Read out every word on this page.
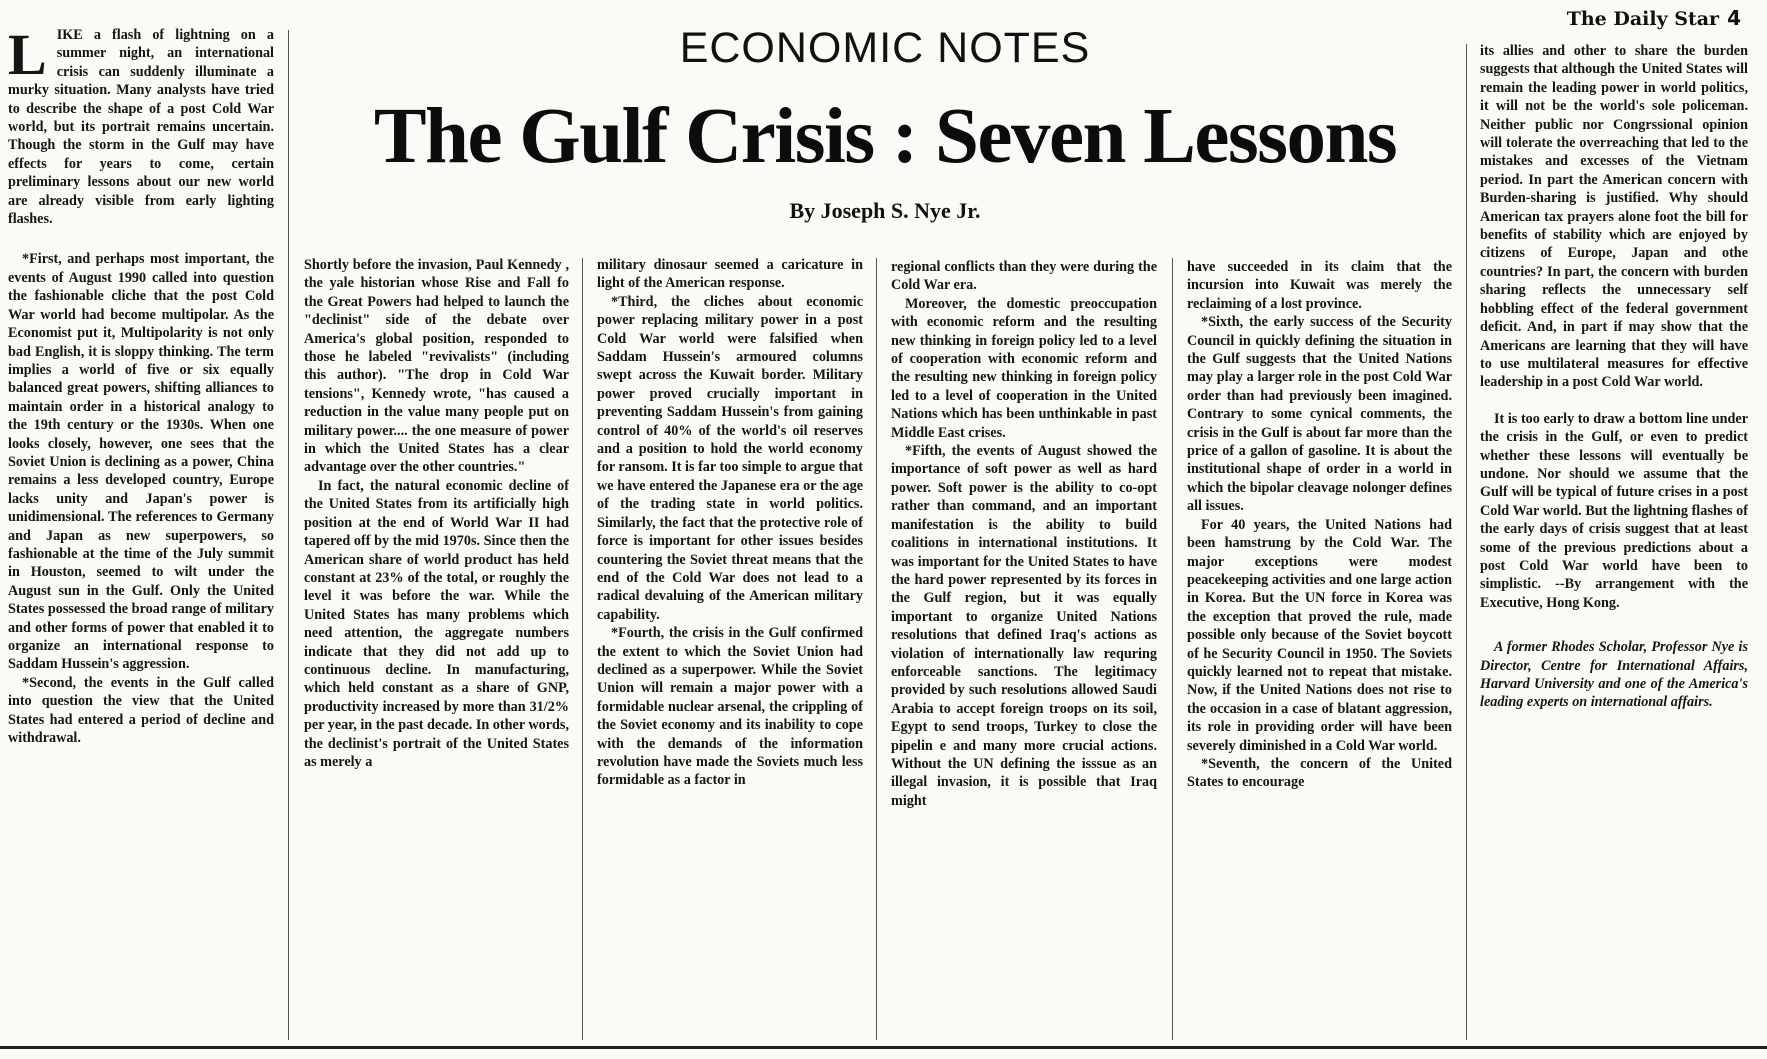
The Daily Star 4
ECONOMIC NOTES
The Gulf Crisis : Seven Lessons
By Joseph S. Nye Jr.

LIKE a flash of lightning on a summer night, an international crisis can suddenly illuminate a murky situation. Many analysts have tried to describe the shape of a post Cold War world, but its portrait remains uncertain. Though the storm in the Gulf may have effects for years to come, certain preliminary lessons about our new world are already visible from early lighting flashes.

*First, and perhaps most important, the events of August 1990 called into question the fashionable cliche that the post Cold War world had become multipolar. As the Economist put it, Multipolarity is not only bad English, it is sloppy thinking. The term implies a world of five or six equally balanced great powers, shifting alliances to maintain order in a historical analogy to the 19th century or the 1930s. When one looks closely, however, one sees that the Soviet Union is declining as a power, China remains a less developed country, Europe lacks unity and Japan's power is unidimensional. The references to Germany and Japan as new superpowers, so fashionable at the time of the July summit in Houston, seemed to wilt under the August sun in the Gulf. Only the United States possessed the broad range of military and other forms of power that enabled it to organize an international response to Saddam Hussein's aggression.

*Second, the events in the Gulf called into question the view that the United States had entered a period of decline and withdrawal.

Shortly before the invasion, Paul Kennedy , the yale historian whose Rise and Fall fo the Great Powers had helped to launch the "declinist" side of the debate over America's global position, responded to those he labeled "revivalists" (including this author). "The drop in Cold War tensions", Kennedy wrote, "has caused a reduction in the value many people put on military power.... the one measure of power in which the United States has a clear advantage over the other countries."

In fact, the natural economic decline of the United States from its artificially high position at the end of World War II had tapered off by the mid 1970s. Since then the American share of world product has held constant at 23% of the total, or roughly the level it was before the war. While the United States has many problems which need attention, the aggregate numbers indicate that they did not add up to continuous decline. In manufacturing, which held constant as a share of GNP, productivity increased by more than 31/2% per year, in the past decade. In other words, the declinist's portrait of the United States as merely a

military dinosaur seemed a caricature in light of the American response.

*Third, the cliches about economic power replacing military power in a post Cold War world were falsified when Saddam Hussein's armoured columns swept across the Kuwait border. Military power proved crucially important in preventing Saddam Hussein's from gaining control of 40% of the world's oil reserves and a position to hold the world economy for ransom. It is far too simple to argue that we have entered the Japanese era or the age of the trading state in world politics. Similarly, the fact that the protective role of force is important for other issues besides countering the Soviet threat means that the end of the Cold War does not lead to a radical devaluing of the American military capability.

*Fourth, the crisis in the Gulf confirmed the extent to which the Soviet Union had declined as a superpower. While the Soviet Union will remain a major power with a formidable nuclear arsenal, the crippling of the Soviet economy and its inability to cope with the demands of the information revolution have made the Soviets much less formidable as a factor in

regional conflicts than they were during the Cold War era.

Moreover, the domestic preoccupation with economic reform and the resulting new thinking in foreign policy led to a level of cooperation with economic reform and the resulting new thinking in foreign policy led to a level of cooperation in the United Nations which has been unthinkable in past Middle East crises.

*Fifth, the events of August showed the importance of soft power as well as hard power. Soft power is the ability to co-opt rather than command, and an important manifestation is the ability to build coalitions in international institutions. It was important for the United States to have the hard power represented by its forces in the Gulf region, but it was equally important to organize United Nations resolutions that defined Iraq's actions as violation of internationally law requring enforceable sanctions. The legitimacy provided by such resolutions allowed Saudi Arabia to accept foreign troops on its soil, Egypt to send troops, Turkey to close the pipelin e and many more crucial actions. Without the UN defining the isssue as an illegal invasion, it is possible that Iraq might

have succeeded in its claim that the incursion into Kuwait was merely the reclaiming of a lost province.

*Sixth, the early success of the Security Council in quickly defining the situation in the Gulf suggests that the United Nations may play a larger role in the post Cold War order than had previously been imagined. Contrary to some cynical comments, the crisis in the Gulf is about far more than the price of a gallon of gasoline. It is about the institutional shape of order in a world in which the bipolar cleavage nolonger defines all issues.

For 40 years, the United Nations had been hamstrung by the Cold War. The major exceptions were modest peacekeeping activities and one large action in Korea. But the UN force in Korea was the exception that proved the rule, made possible only because of the Soviet boycott of he Security Council in 1950. The Soviets quickly learned not to repeat that mistake. Now, if the United Nations does not rise to the occasion in a case of blatant aggression, its role in providing order will have been severely diminished in a Cold War world.

*Seventh, the concern of the United States to encourage

its allies and other to share the burden suggests that although the United States will remain the leading power in world politics, it will not be the world's sole policeman. Neither public nor Congrssional opinion will tolerate the overreaching that led to the mistakes and excesses of the Vietnam period. In part the American concern with Burden-sharing is justified. Why should American tax prayers alone foot the bill for benefits of stability which are enjoyed by citizens of Europe, Japan and othe countries? In part, the concern with burden sharing reflects the unnecessary self hobbling effect of the federal government deficit. And, in part if may show that the Americans are learning that they will have to use multilateral measures for effective leadership in a post Cold War world.

It is too early to draw a bottom line under the crisis in the Gulf, or even to predict whether these lessons will eventually be undone. Nor should we assume that the Gulf will be typical of future crises in a post Cold War world. But the lightning flashes of the early days of crisis suggest that at least some of the previous predictions about a post Cold War world have been to simplistic. --By arrangement with the Executive, Hong Kong.

A former Rhodes Scholar, Professor Nye is Director, Centre for International Affairs, Harvard University and one of the America's leading experts on international affairs.
